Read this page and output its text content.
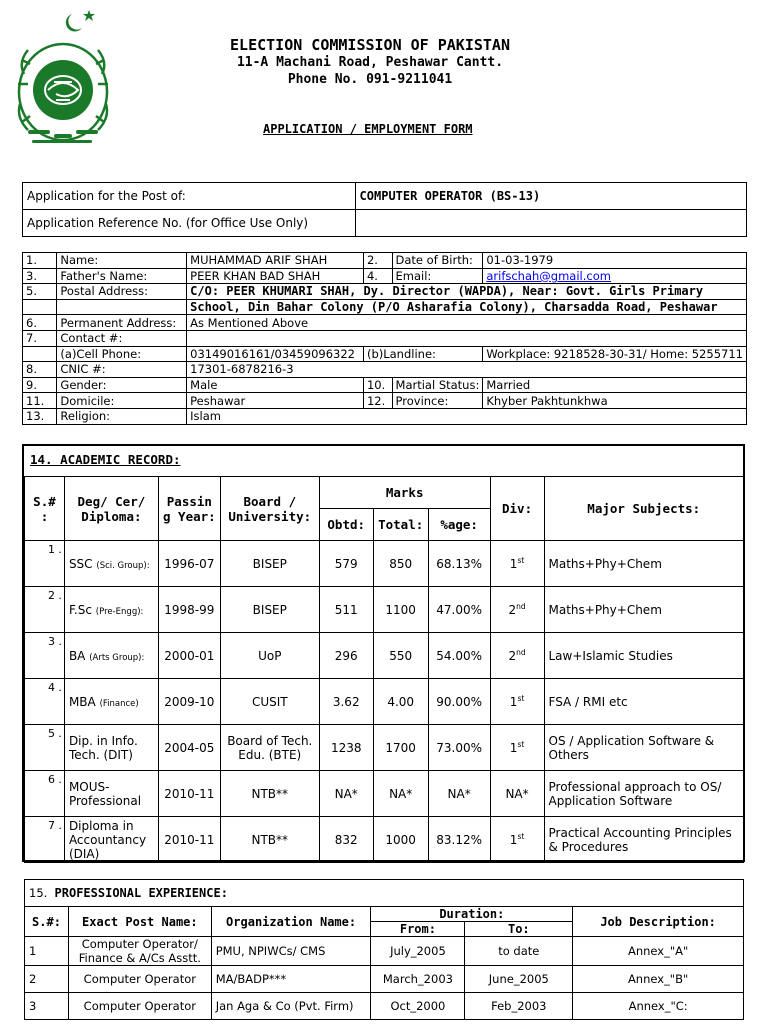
ELECTION COMMISSION OF PAKISTAN
11-A Machani Road, Peshawar Cantt.
Phone No. 091-9211041
APPLICATION / EMPLOYMENT FORM
Application for the Post of:	COMPUTER OPERATOR (BS-13)
Application Reference No. (for Office Use Only)	
1.	Name:	MUHAMMAD ARIF SHAH	2.	Date of Birth:	01-03-1979
3.	Father's Name:	PEER KHAN BAD SHAH	4.	Email:	arifschah@gmail.com
5.	Postal Address:	C/O: PEER KHUMARI SHAH, Dy. Director (WAPDA), Near: Govt. Girls Primary			
		School, Din Bahar Colony (P/O Asharafia Colony), Charsadda Road, Peshawar			
6.	Permanent Address:	As Mentioned Above			
7.	Contact #:				
	(a)Cell Phone:	03149016161/03459096322	(b)Landline:		Workplace: 9218528-30-31/ Home: 5255711
8.	CNIC #:	17301-6878216-3			
9.	Gender:	Male	10.	Martial Status:	Married
11.	Domicile:	Peshawar	12.	Province:	Khyber Pakhtunkhwa
13.	Religion:	Islam			
14. ACADEMIC RECORD:
S.# :	Deg/ Cer/ Diploma:	Passin g Year:	Board / University:	Marks			Div:	Major Subjects:
				Obtd:	Total:	%age:		
1 .	SSC (Sci. Group):	1996-07	BISEP	579	850	68.13%	1st	Maths+Phy+Chem
2 .	F.Sc (Pre-Engg):	1998-99	BISEP	511	1100	47.00%	2nd	Maths+Phy+Chem
3 .	BA (Arts Group):	2000-01	UoP	296	550	54.00%	2nd	Law+Islamic Studies
4 .	MBA (Finance)	2009-10	CUSIT	3.62	4.00	90.00%	1st	FSA / RMI etc
5 .	Dip. in Info. Tech. (DIT)	2004-05	Board of Tech. Edu. (BTE)	1238	1700	73.00%	1st	OS / Application Software & Others
6 .	MOUS-Professional	2010-11	NTB**	NA*	NA*	NA*	NA*	Professional approach to OS/ Application Software
7 .	Diploma in Accountancy (DIA)	2010-11	NTB**	832	1000	83.12%	1st	Practical Accounting Principles & Procedures
15. PROFESSIONAL EXPERIENCE:					
S.#:	Exact Post Name:	Organization Name:	Duration:		Job Description:
			From:	To:	
1	Computer Operator/ Finance & A/Cs Asstt.	PMU, NPIWCs/ CMS	July_2005	to date	Annex_"A"
2	Computer Operator	MA/BADP***	March_2003	June_2005	Annex_"B"
3	Computer Operator	Jan Aga & Co (Pvt. Firm)	Oct_2000	Feb_2003	Annex_"C:
